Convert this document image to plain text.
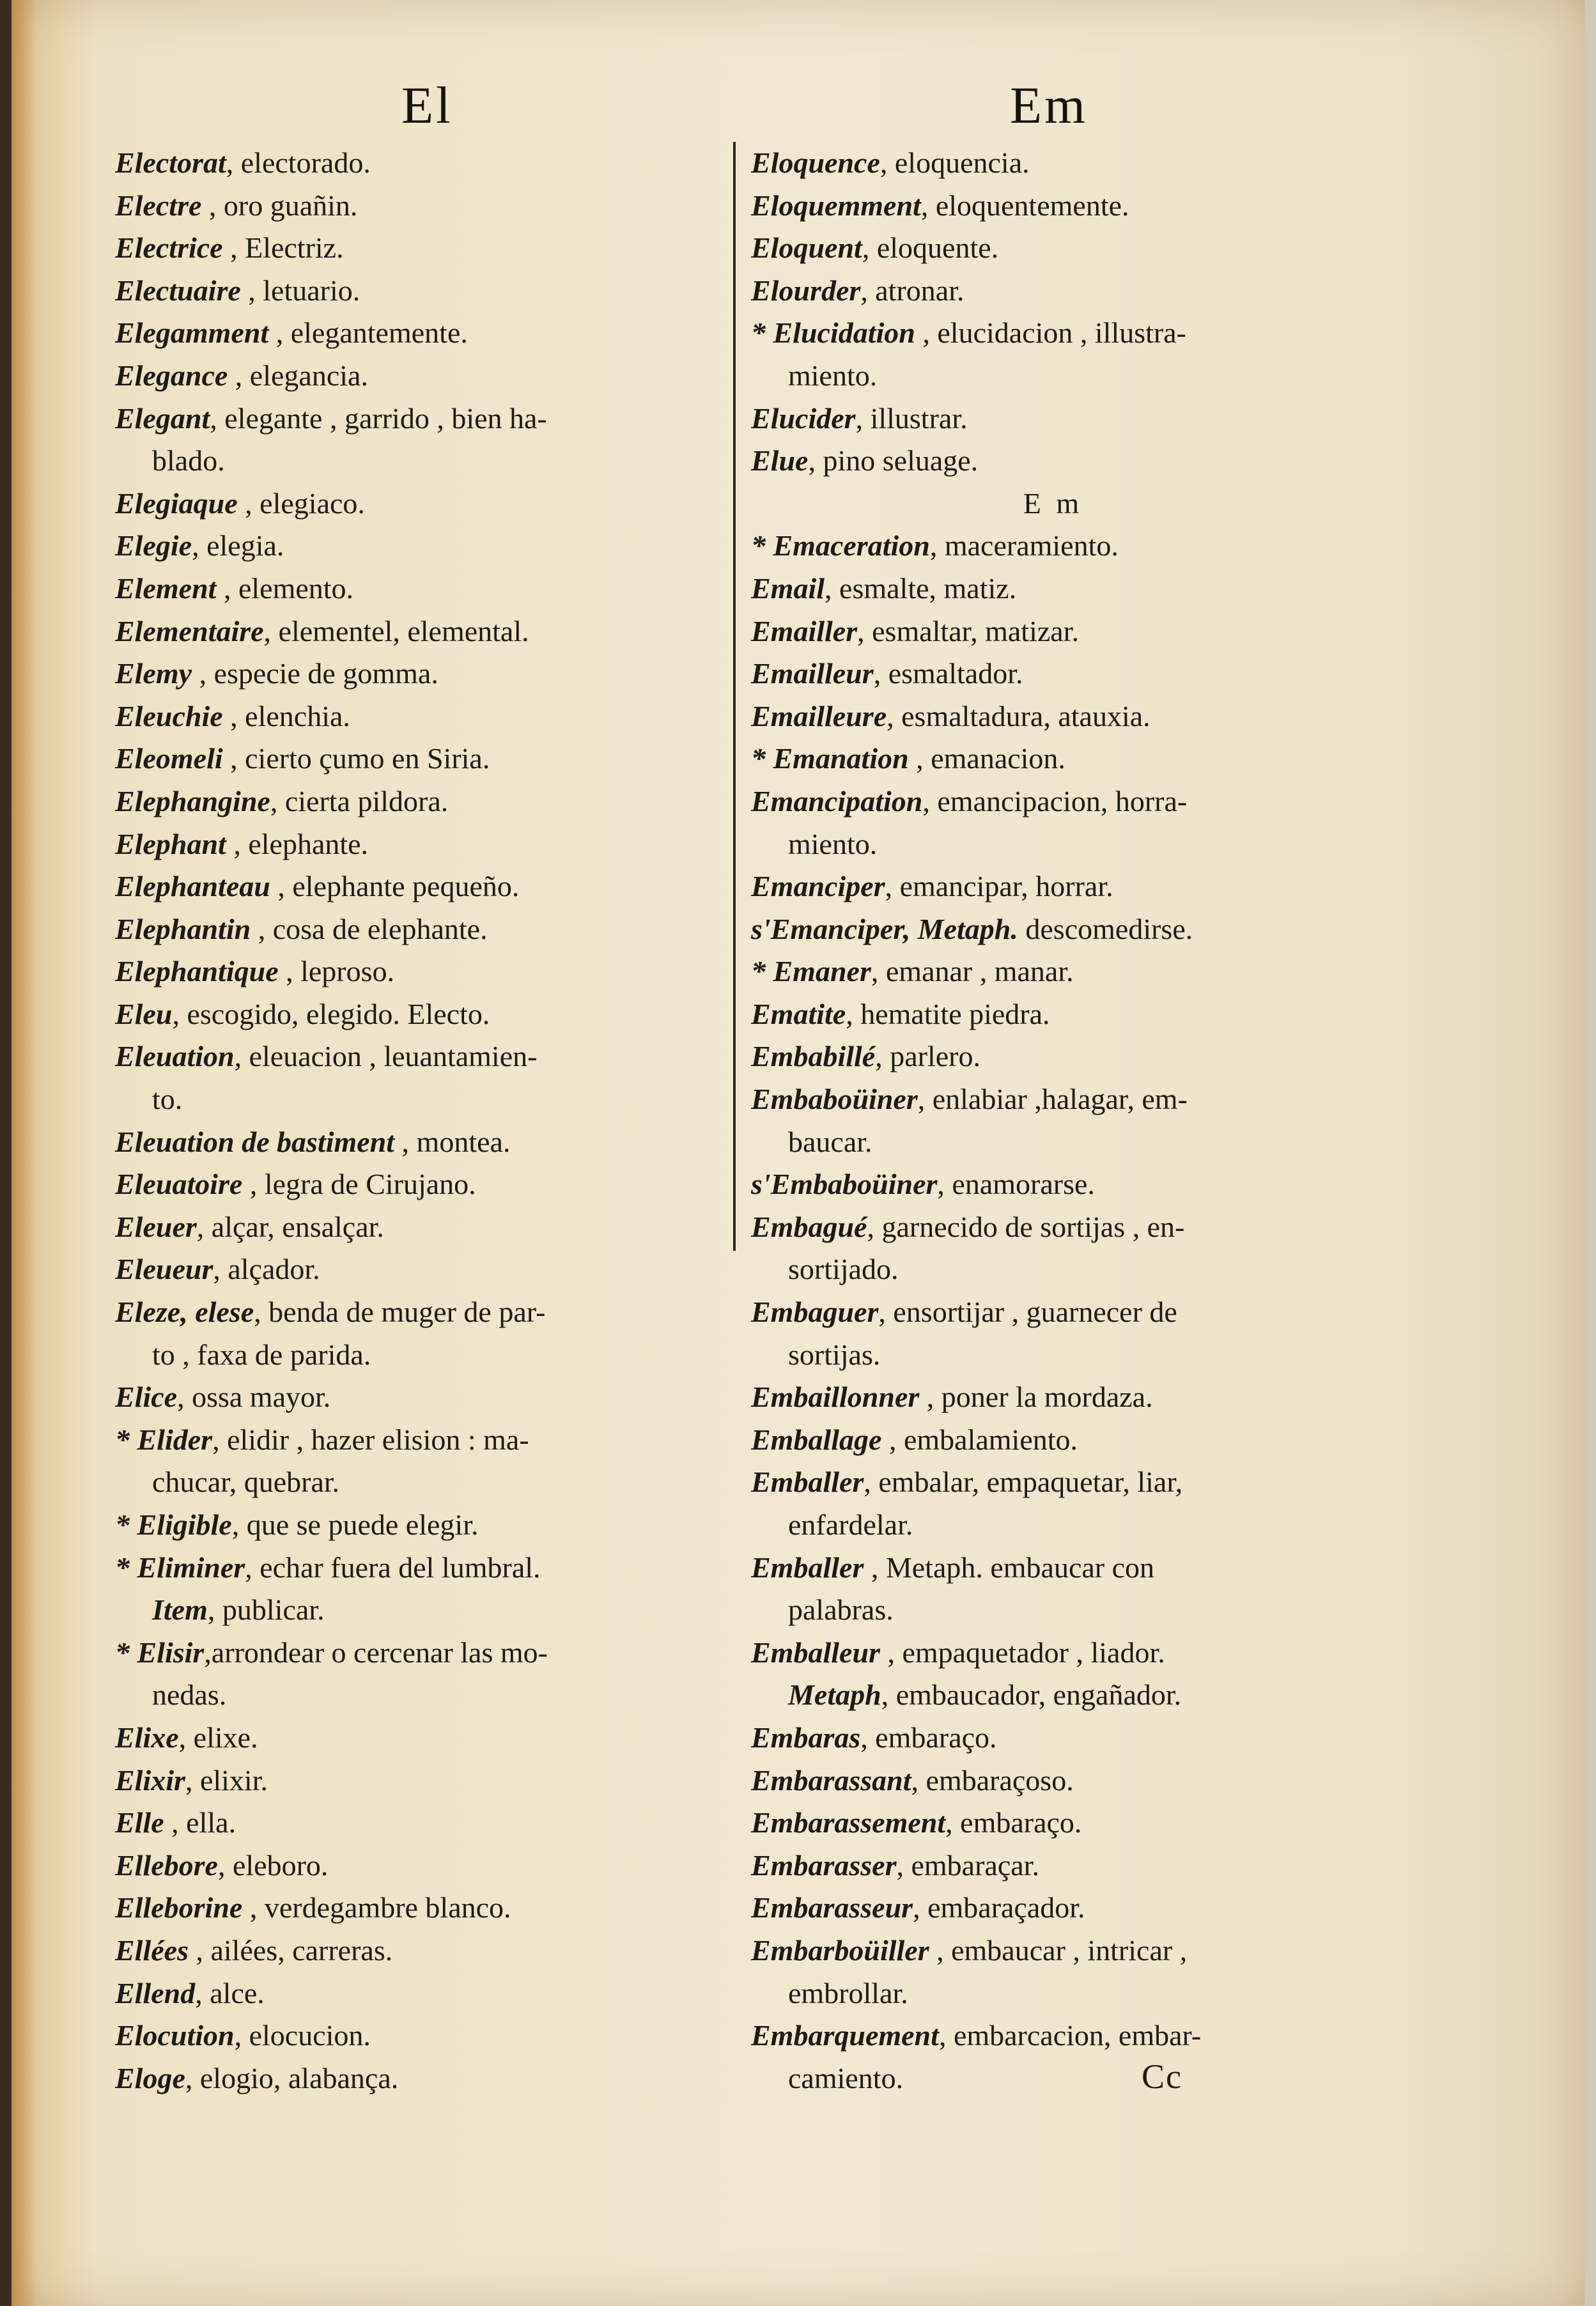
El	Em
Electorat, electorado.
Electre , oro guañin.
Electrice , Electriz.
Electuaire , letuario.
Elegamment , elegantemente.
Elegance , elegancia.
Elegant, elegante , garrido , bien ha-
blado.
Elegiaque , elegiaco.
Elegie, elegia.
Element , elemento.
Elementaire, elementel, elemental.
Elemy , especie de gomma.
Eleuchie , elenchia.
Eleomeli , cierto çumo en Siria.
Elephangine, cierta pildora.
Elephant , elephante.
Elephanteau , elephante pequeño.
Elephantin , cosa de elephante.
Elephantique , leproso.
Eleu, escogido, elegido. Electo.
Eleuation, eleuacion , leuantamien-
to.
Eleuation de bastiment , montea.
Eleuatoire , legra de Cirujano.
Eleuer, alçar, ensalçar.
Eleueur, alçador.
Eleze, elese, benda de muger de par-
to , faxa de parida.
Elice, ossa mayor.
* Elider, elidir , hazer elision : ma-
chucar, quebrar.
* Eligible, que se puede elegir.
* Eliminer, echar fuera del lumbral.
Item, publicar.
* Elisir,arrondear o cercenar las mo-
nedas.
Elixe, elixe.
Elixir, elixir.
Elle , ella.
Ellebore, eleboro.
Elleborine , verdegambre blanco.
Ellées , ailées, carreras.
Ellend, alce.
Elocution, elocucion.
Eloge, elogio, alabança.
Eloquence, eloquencia.
Eloquemment, eloquentemente.
Eloquent, eloquente.
Elourder, atronar.
* Elucidation , elucidacion , illustra-
miento.
Elucider, illustrar.
Elue, pino seluage.
E m
* Emaceration, maceramiento.
Email, esmalte, matiz.
Emailler, esmaltar, matizar.
Emailleur, esmaltador.
Emailleure, esmaltadura, atauxia.
* Emanation , emanacion.
Emancipation, emancipacion, horra-
miento.
Emanciper, emancipar, horrar.
s'Emanciper, Metaph. descomedirse.
* Emaner, emanar , manar.
Ematite, hematite piedra.
Embabillé, parlero.
Embaboüiner, enlabiar ,halagar, em-
baucar.
s'Embaboüiner, enamorarse.
Embagué, garnecido de sortijas , en-
sortijado.
Embaguer, ensortijar , guarnecer de
sortijas.
Embaillonner , poner la mordaza.
Emballage , embalamiento.
Emballer, embalar, empaquetar, liar,
enfardelar.
Emballer , Metaph. embaucar con
palabras.
Emballeur , empaquetador , liador.
Metaph, embaucador, engañador.
Embaras, embaraço.
Embarassant, embaraçoso.
Embarassement, embaraço.
Embarasser, embaraçar.
Embarasseur, embaraçador.
Embarboüiller , embaucar , intricar ,
embrollar.
Embarquement, embarcacion, embar-
camiento.	Cc
